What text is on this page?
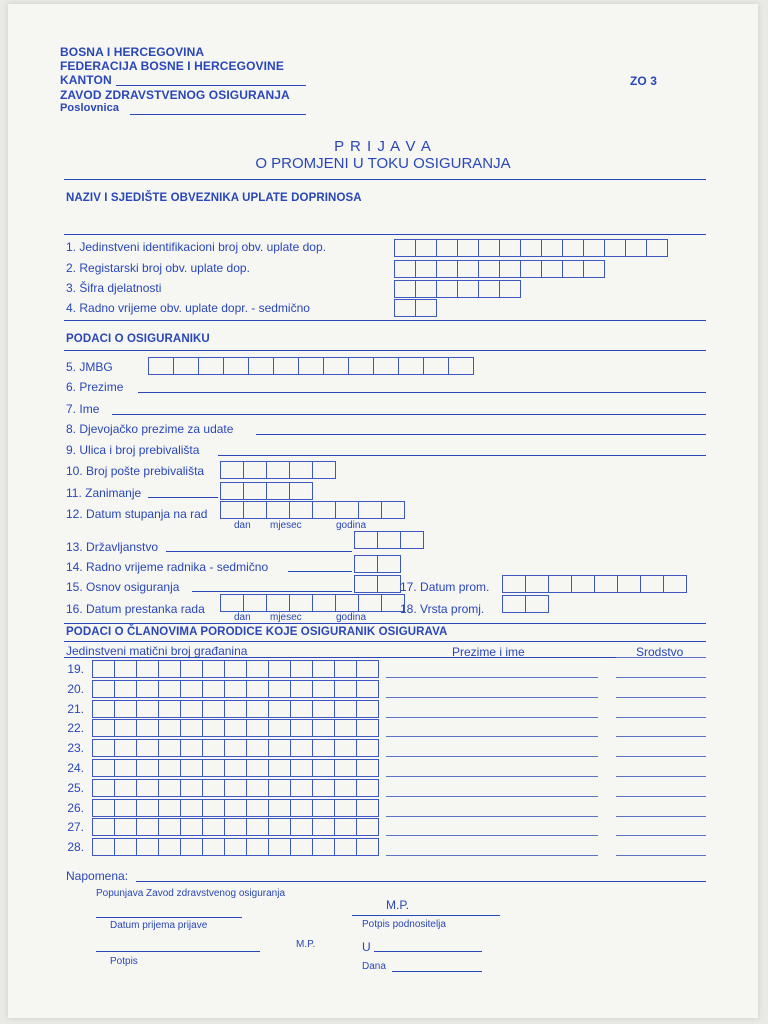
BOSNA I HERCEGOVINA
FEDERACIJA BOSNE I HERCEGOVINE
KANTON
ZAVOD ZDRAVSTVENOG OSIGURANJA
Poslovnica
ZO 3
P R I J A V A
O PROMJENI U TOKU OSIGURANJA
NAZIV I SJEDIŠTE OBVEZNIKA UPLATE DOPRINOSA
1. Jedinstveni identifikacioni broj obv. uplate dop.
2. Registarski broj obv. uplate dop.
3. Šifra djelatnosti
4. Radno vrijeme obv. uplate dopr. - sedmično
PODACI O OSIGURANIKU
5. JMBG
6. Prezime
7. Ime
8. Djevojačko prezime za udate
9. Ulica i broj prebivališta
10. Broj pošte prebivališta
11. Zanimanje
12. Datum stupanja na rad
dan mjesec	godina
13. Državljanstvo
14. Radno vrijeme radnika - sedmično
15. Osnov osiguranja	17. Datum prom.
16. Datum prestanka rada
dan mjesec	godina
18. Vrsta promj.
PODACI O ČLANOVIMA PORODICE KOJE OSIGURANIK OSIGURAVA
Jedinstveni matični broj građanina	Prezime i ime	Srodstvo
19.
20.
21.
22.
23.
24.
25.
26.
27.
28.
Napomena:
Popunjava Zavod zdravstvenog osiguranja
Datum prijema prijave
Potpis
M.P.
M.P.
Potpis podnositelja
U
Dana
